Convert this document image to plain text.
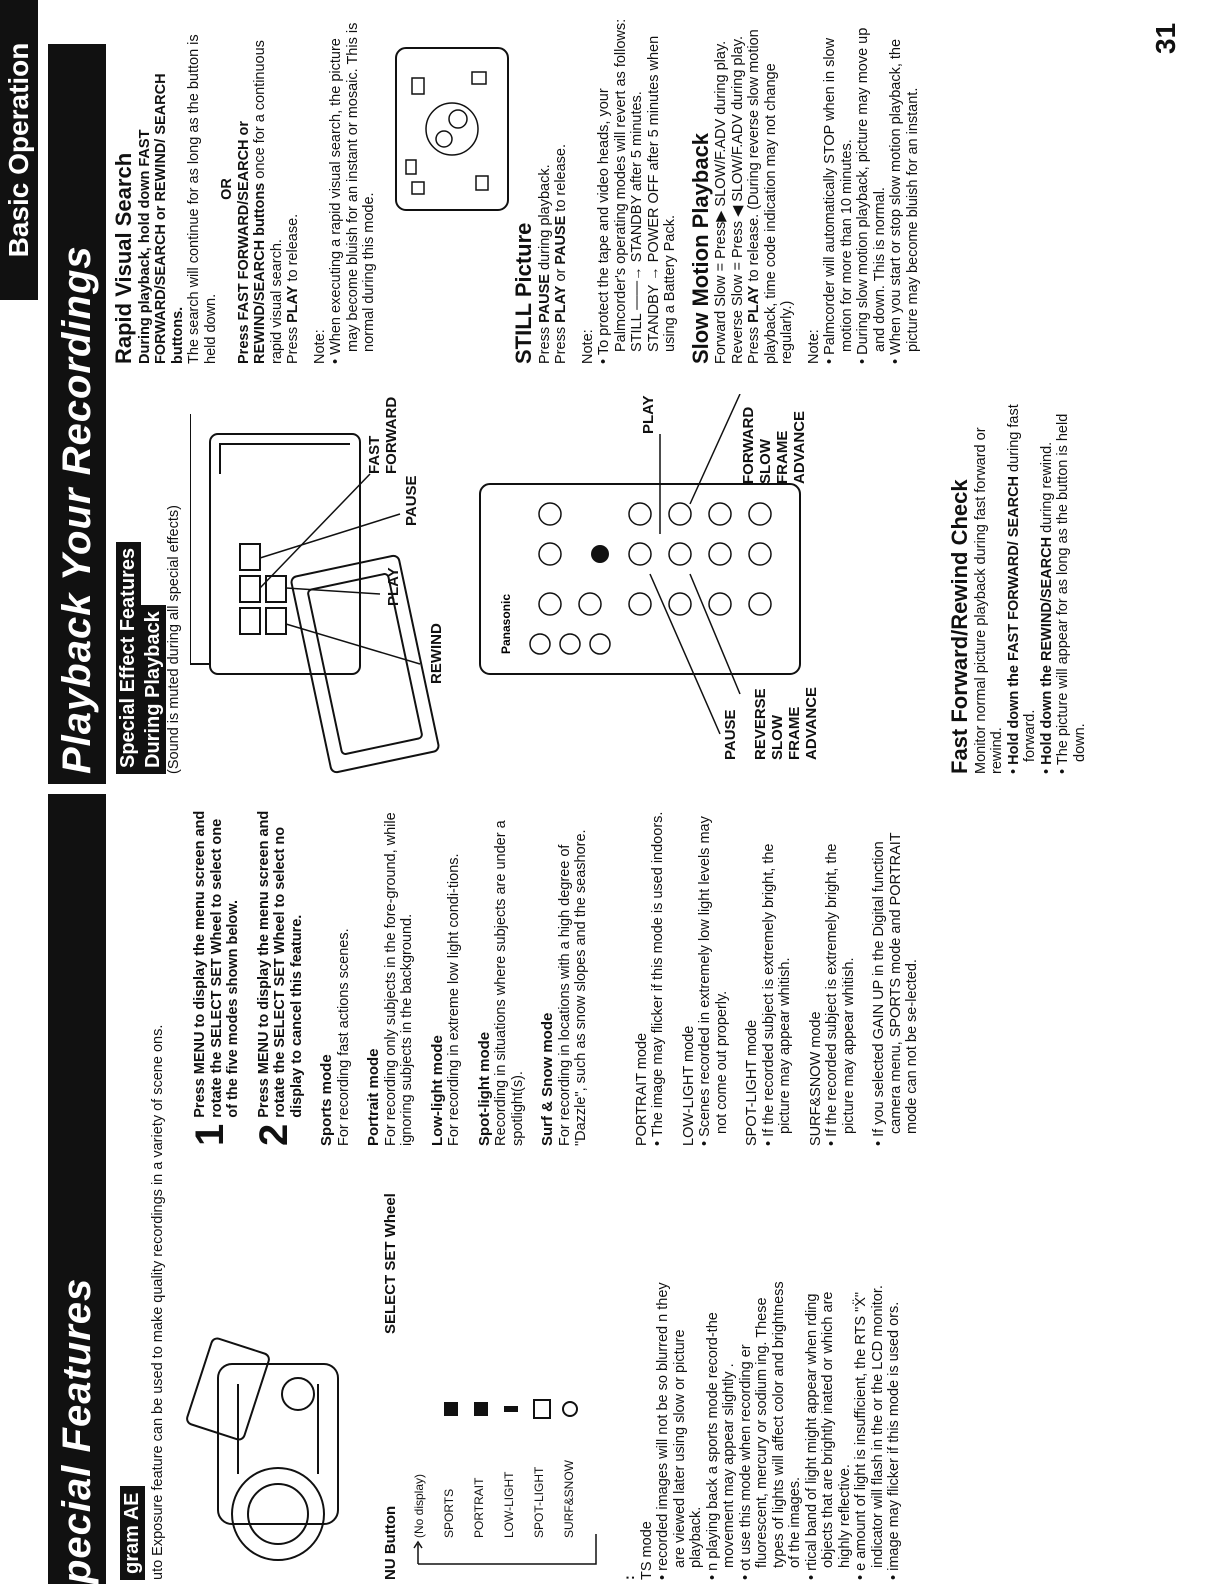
pecial Features	gram AE uto Exposure feature can be used to make quality recordings in a variety of scene ons.	NU Button
SELECT SET Wheel
(No display)	SPORTS	PORTRAIT	LOW-LIGHT	SPOT-LIGHT	SURF&SNOW
: TS mode • recorded images will not be so blurred n they are viewed later using slow or picture playback.
• n playing back a sports mode record-the movement may appear slightly .
• ot use this mode when recording er fluorescent, mercury or sodium ing. These types of lights will affect color and brightness of the images.
• rtical band of light might appear when rding objects that are brightly inated or which are highly reflective.
• e amount of light is insufficient, the RTS "Ẍ" indicator will flash in the or the LCD monitor.
• image may flicker if this mode is used ors.
1
Press MENU to display the menu screen and rotate the SELECT SET Wheel to select one of the five modes shown below.
2
Press MENU to display the menu screen and rotate the SELECT SET Wheel to select no display to cancel this feature. Sports mode For recording fast actions scenes. Portrait mode For recording only subjects in the fore-ground, while ignoring subjects in the background. Low-light mode For recording in extreme low light condi-tions. Spot-light mode Recording in situations where subjects are under a spotlight(s). Surf & Snow mode For recording in locations with a high degree of "Dazzle", such as snow slopes and the seashore.	PORTRAIT mode • The image may flicker if this mode is used indoors. LOW-LIGHT mode • Scenes recorded in extremely low light levels may not come out properly. SPOT-LIGHT mode • If the recorded subject is extremely bright, the picture may appear whitish. SURF&SNOW mode • If the recorded subject is extremely bright, the picture may appear whitish.
• If you selected GAIN UP in the Digital function camera menu, SPORTS mode and PORTRAIT mode can not be se-lected.
Basic Operation
Playback Your Recordings Special Effect Features During Playback (Sound is muted during all special effects)	REWIND
PLAY
PAUSE
FAST FORWARD
Panasonic
PAUSE
PLAY
REVERSE SLOW FRAME ADVANCE
FORWARD SLOW FRAME ADVANCE
Fast Forward/Rewind Check Monitor normal picture playback during fast forward or rewind. • Hold down the FAST FORWARD/ SEARCH during fast forward.
• Hold down the REWIND/SEARCH during rewind.
• The picture will appear for as long as the button is held down.
Rapid Visual Search During playback, hold down FAST FORWARD/SEARCH or REWIND/ SEARCH buttons. The search will continue for as long as the button is held down.
OR Press FAST FORWARD/SEARCH or REWIND/SEARCH buttons once for a continuous rapid visual search. Press PLAY to release.
Note: • When executing a rapid visual search, the picture may become bluish for an instant or mosaic. This is normal during this mode.	STILL Picture Press PAUSE during playback.
Press PLAY or PAUSE to release.
Note: • To protect the tape and video heads, your Palmcorder's operating modes will revert as follows: STILL ——→ STANDBY after 5 minutes. STANDBY → POWER OFF after 5 minutes when using a Battery Pack. Slow Motion Playback Forward Slow = Press▶ SLOW/F.ADV during play. Reverse Slow = Press ◀ SLOW/F.ADV during play. Press PLAY to release. (During reverse slow motion playback, time code indication may not change regularly.) Note: • Palmcorder will automatically STOP when in slow motion for more than 10 minutes.
• During slow motion playback, picture may move up and down. This is normal.
• When you start or stop slow motion playback, the picture may become bluish for an instant.
31
